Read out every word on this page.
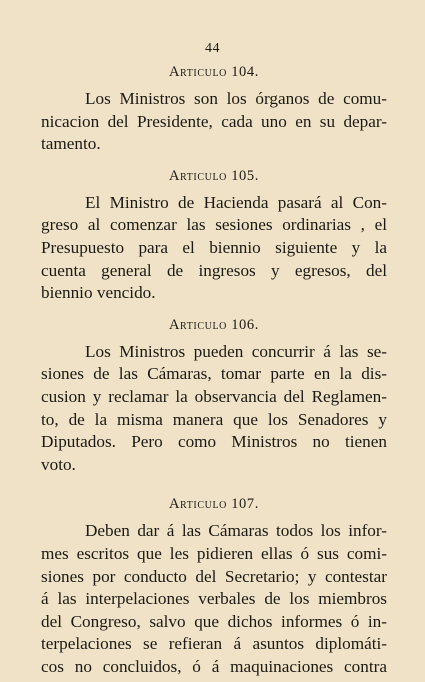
44

Articulo 104.

Los Ministros son los órganos de comu-
nicacion del Presidente, cada uno en su depar-
tamento.

Articulo 105.

El Ministro de Hacienda pasará al Con-
greso al comenzar las sesiones ordinarias , el
Presupuesto para el biennio siguiente y la
cuenta general de ingresos y egresos, del
biennio vencido.

Articulo 106.

Los Ministros pueden concurrir á las se-
siones de las Cámaras, tomar parte en la dis-
cusion y reclamar la observancia del Reglamen-
to, de la misma manera que los Senadores y
Diputados. Pero como Ministros no tienen
voto.

Articulo 107.

Deben dar á las Cámaras todos los infor-
mes escritos que les pidieren ellas ó sus comi-
siones por conducto del Secretario; y contestar
á las interpelaciones verbales de los miembros
del Congreso, salvo que dichos informes ó in-
terpelaciones se refieran á asuntos diplomáti-
cos no concluidos, ó á maquinaciones contra
